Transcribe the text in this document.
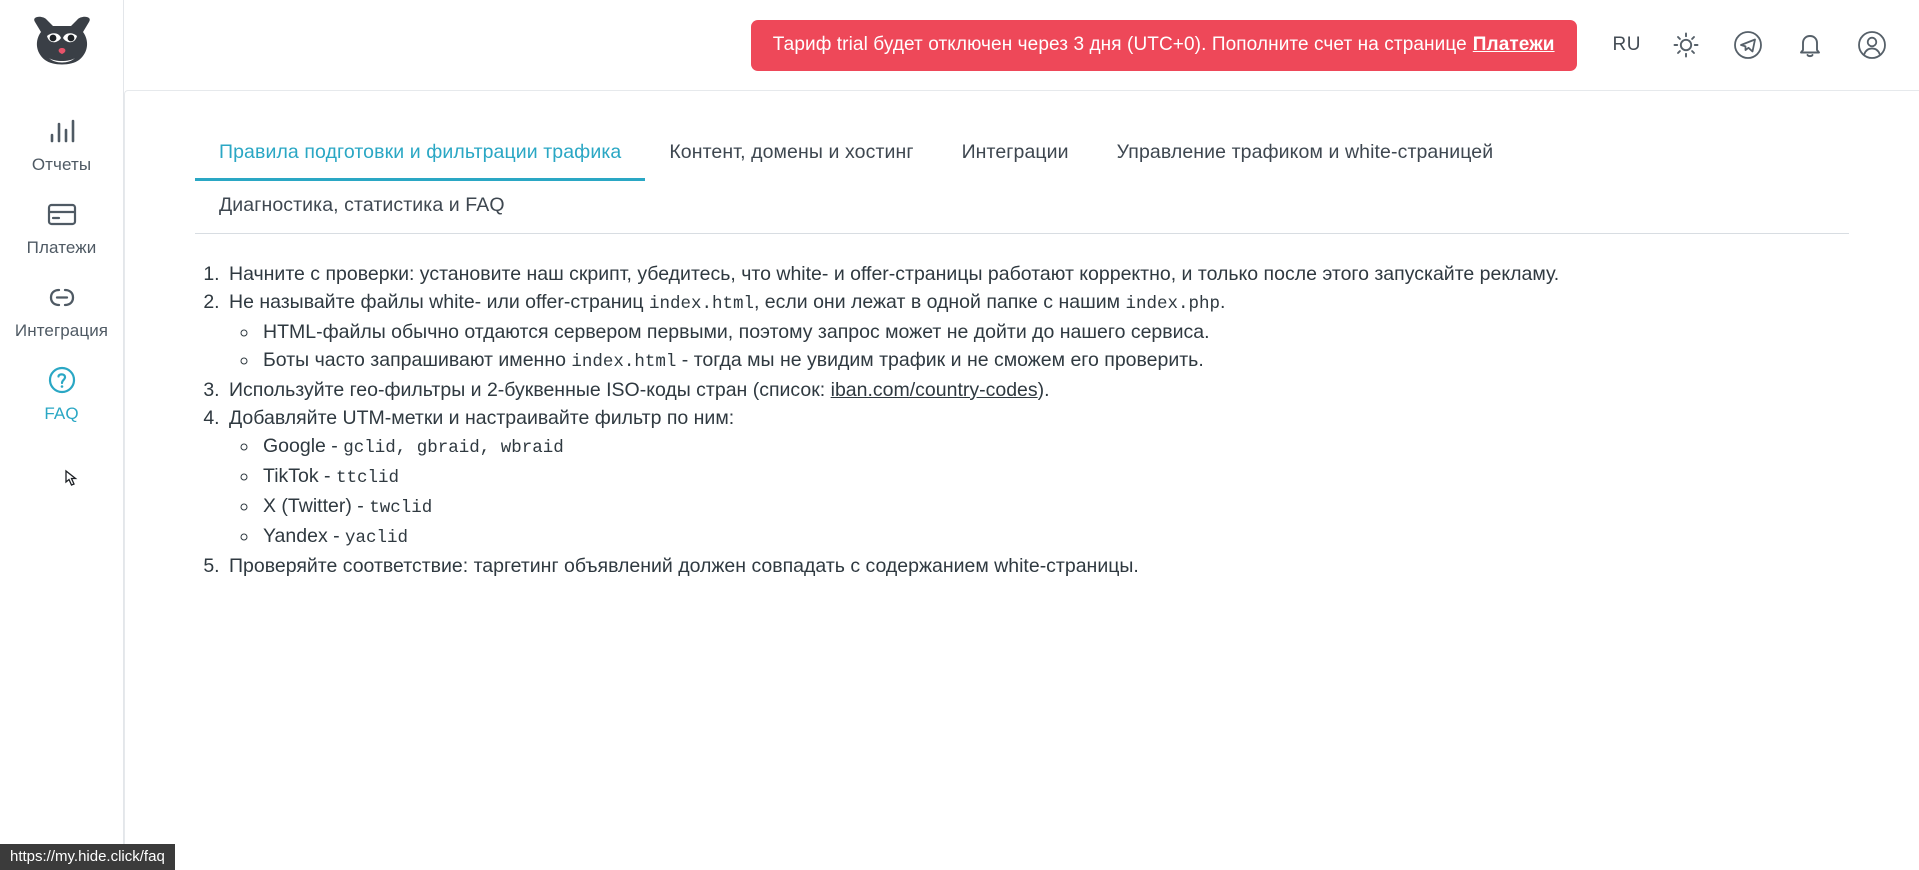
Отчеты
Платежи
Интеграция
FAQ
Тариф trial будет отключен через 3 дня (UTC+0). Пополните счет на странице Платежи	RU
Правила подготовки и фильтрации трафика	Контент, домены и хостинг	Интеграции	Управление трафиком и white-страницей
Диагностика, статистика и FAQ
1. Начните с проверки: установите наш скрипт, убедитесь, что white- и offer-страницы работают корректно, и только после этого запускайте рекламу.
2. Не называйте файлы white- или offer-страниц index.html, если они лежат в одной папке с нашим index.php.
◦ HTML-файлы обычно отдаются сервером первыми, поэтому запрос может не дойти до нашего сервиса.
◦ Боты часто запрашивают именно index.html - тогда мы не увидим трафик и не сможем его проверить.
3. Используйте гео-фильтры и 2-буквенные ISO-коды стран (список: iban.com/country-codes).
4. Добавляйте UTM-метки и настраивайте фильтр по ним:
◦ Google - gclid, gbraid, wbraid
◦ TikTok - ttclid
◦ X (Twitter) - twclid
◦ Yandex - yaclid
5. Проверяйте соответствие: таргетинг объявлений должен совпадать с содержанием white-страницы.
https://my.hide.click/faq
